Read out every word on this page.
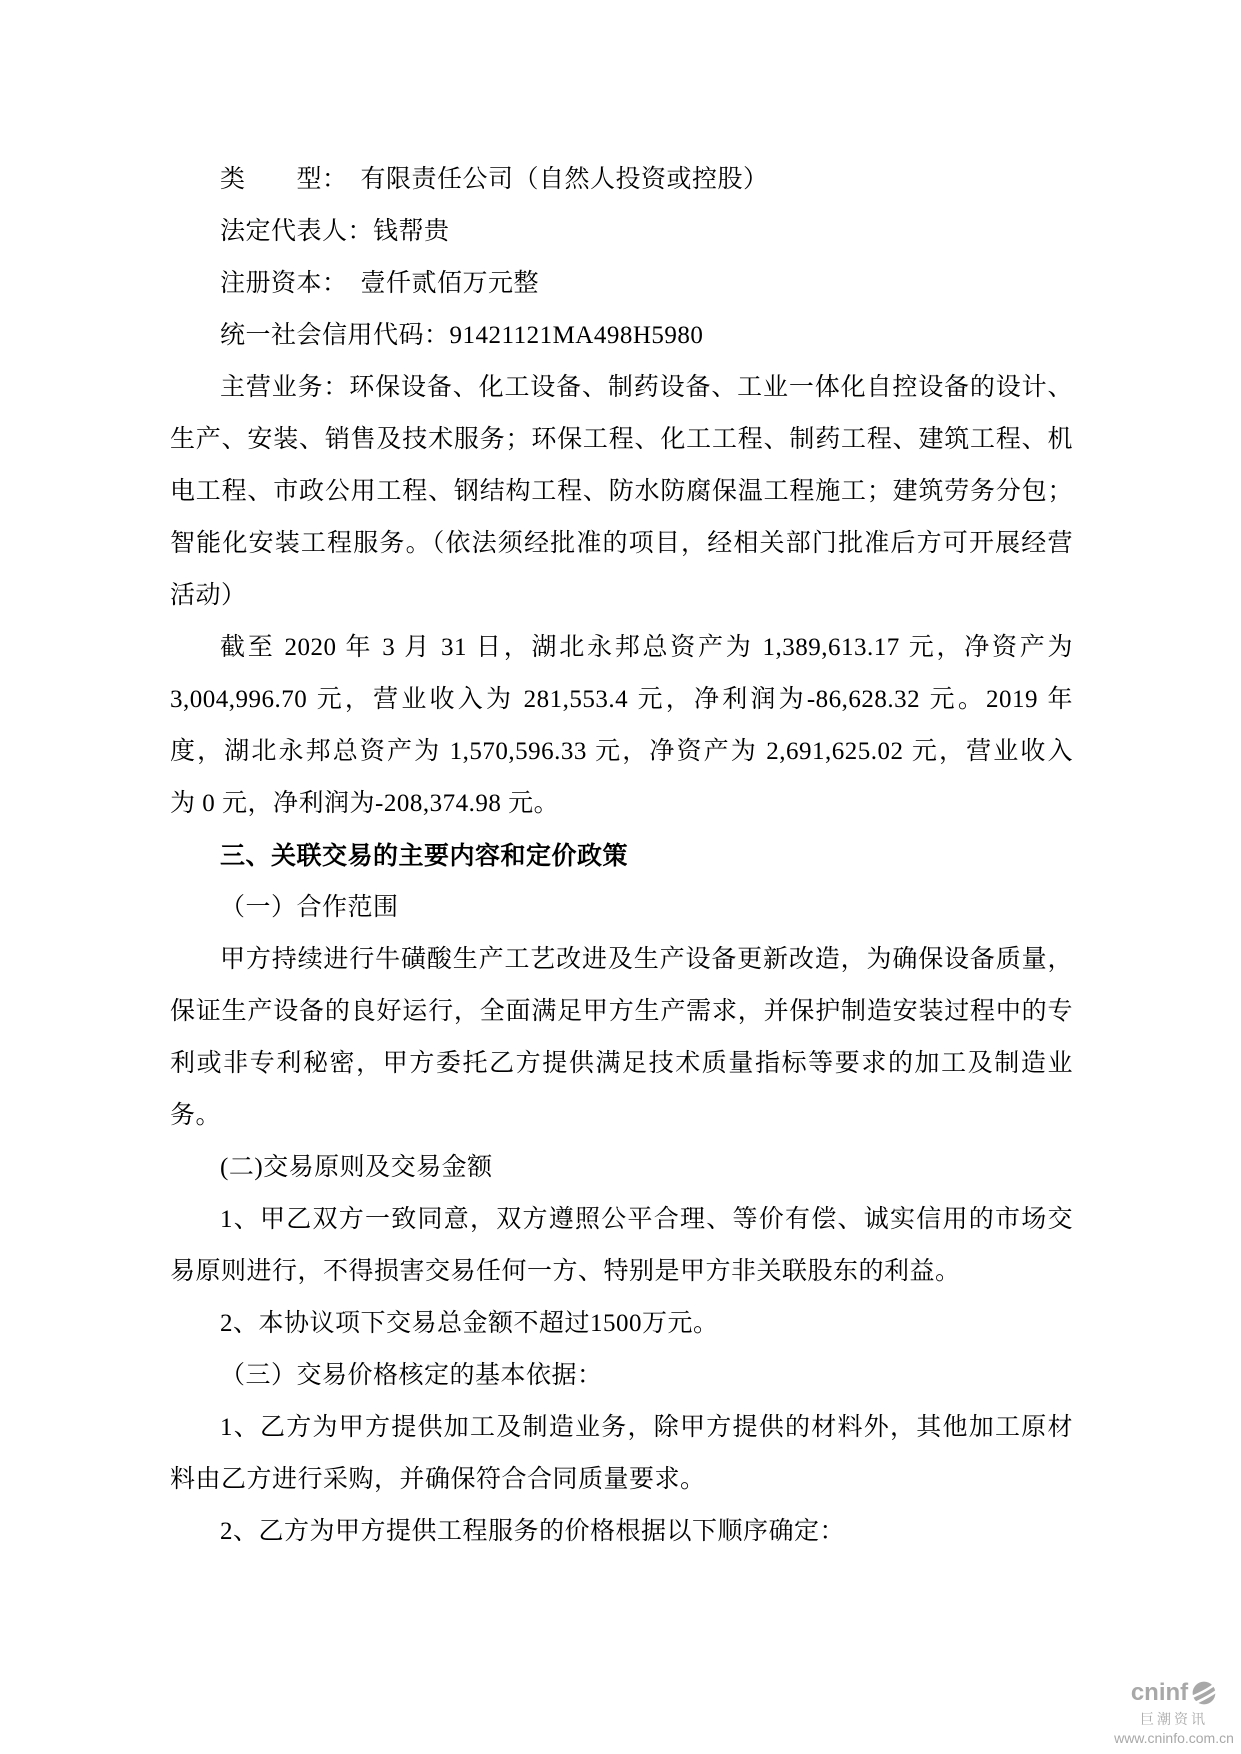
类　　型：　有限责任公司（自然人投资或控股）
法定代表人：钱帮贵
注册资本：　壹仟贰佰万元整
统一社会信用代码：91421121MA498H5980
主营业务：环保设备、化工设备、制药设备、工业一体化自控设备的设计、
生产、安装、销售及技术服务；环保工程、化工工程、制药工程、建筑工程、机
电工程、市政公用工程、钢结构工程、防水防腐保温工程施工；建筑劳务分包；
智能化安装工程服务。（依法须经批准的项目，经相关部门批准后方可开展经营
活动）
截至 2020 年 3 月 31 日，湖北永邦总资产为 1,389,613.17 元，净资产为
3,004,996.70 元，营业收入为 281,553.4 元，净利润为-86,628.32 元。2019 年
度，湖北永邦总资产为 1,570,596.33 元，净资产为 2,691,625.02 元，营业收入
为 0 元，净利润为-208,374.98 元。
三、关联交易的主要内容和定价政策
（一）合作范围
甲方持续进行牛磺酸生产工艺改进及生产设备更新改造，为确保设备质量，
保证生产设备的良好运行，全面满足甲方生产需求，并保护制造安装过程中的专
利或非专利秘密，甲方委托乙方提供满足技术质量指标等要求的加工及制造业
务。
(二)交易原则及交易金额
1、甲乙双方一致同意，双方遵照公平合理、等价有偿、诚实信用的市场交
易原则进行，不得损害交易任何一方、特别是甲方非关联股东的利益。
2、本协议项下交易总金额不超过1500万元。
（三）交易价格核定的基本依据：
1、乙方为甲方提供加工及制造业务，除甲方提供的材料外，其他加工原材
料由乙方进行采购，并确保符合合同质量要求。
2、乙方为甲方提供工程服务的价格根据以下顺序确定：
cninf
巨潮资讯
www.cninfo.com.cn
